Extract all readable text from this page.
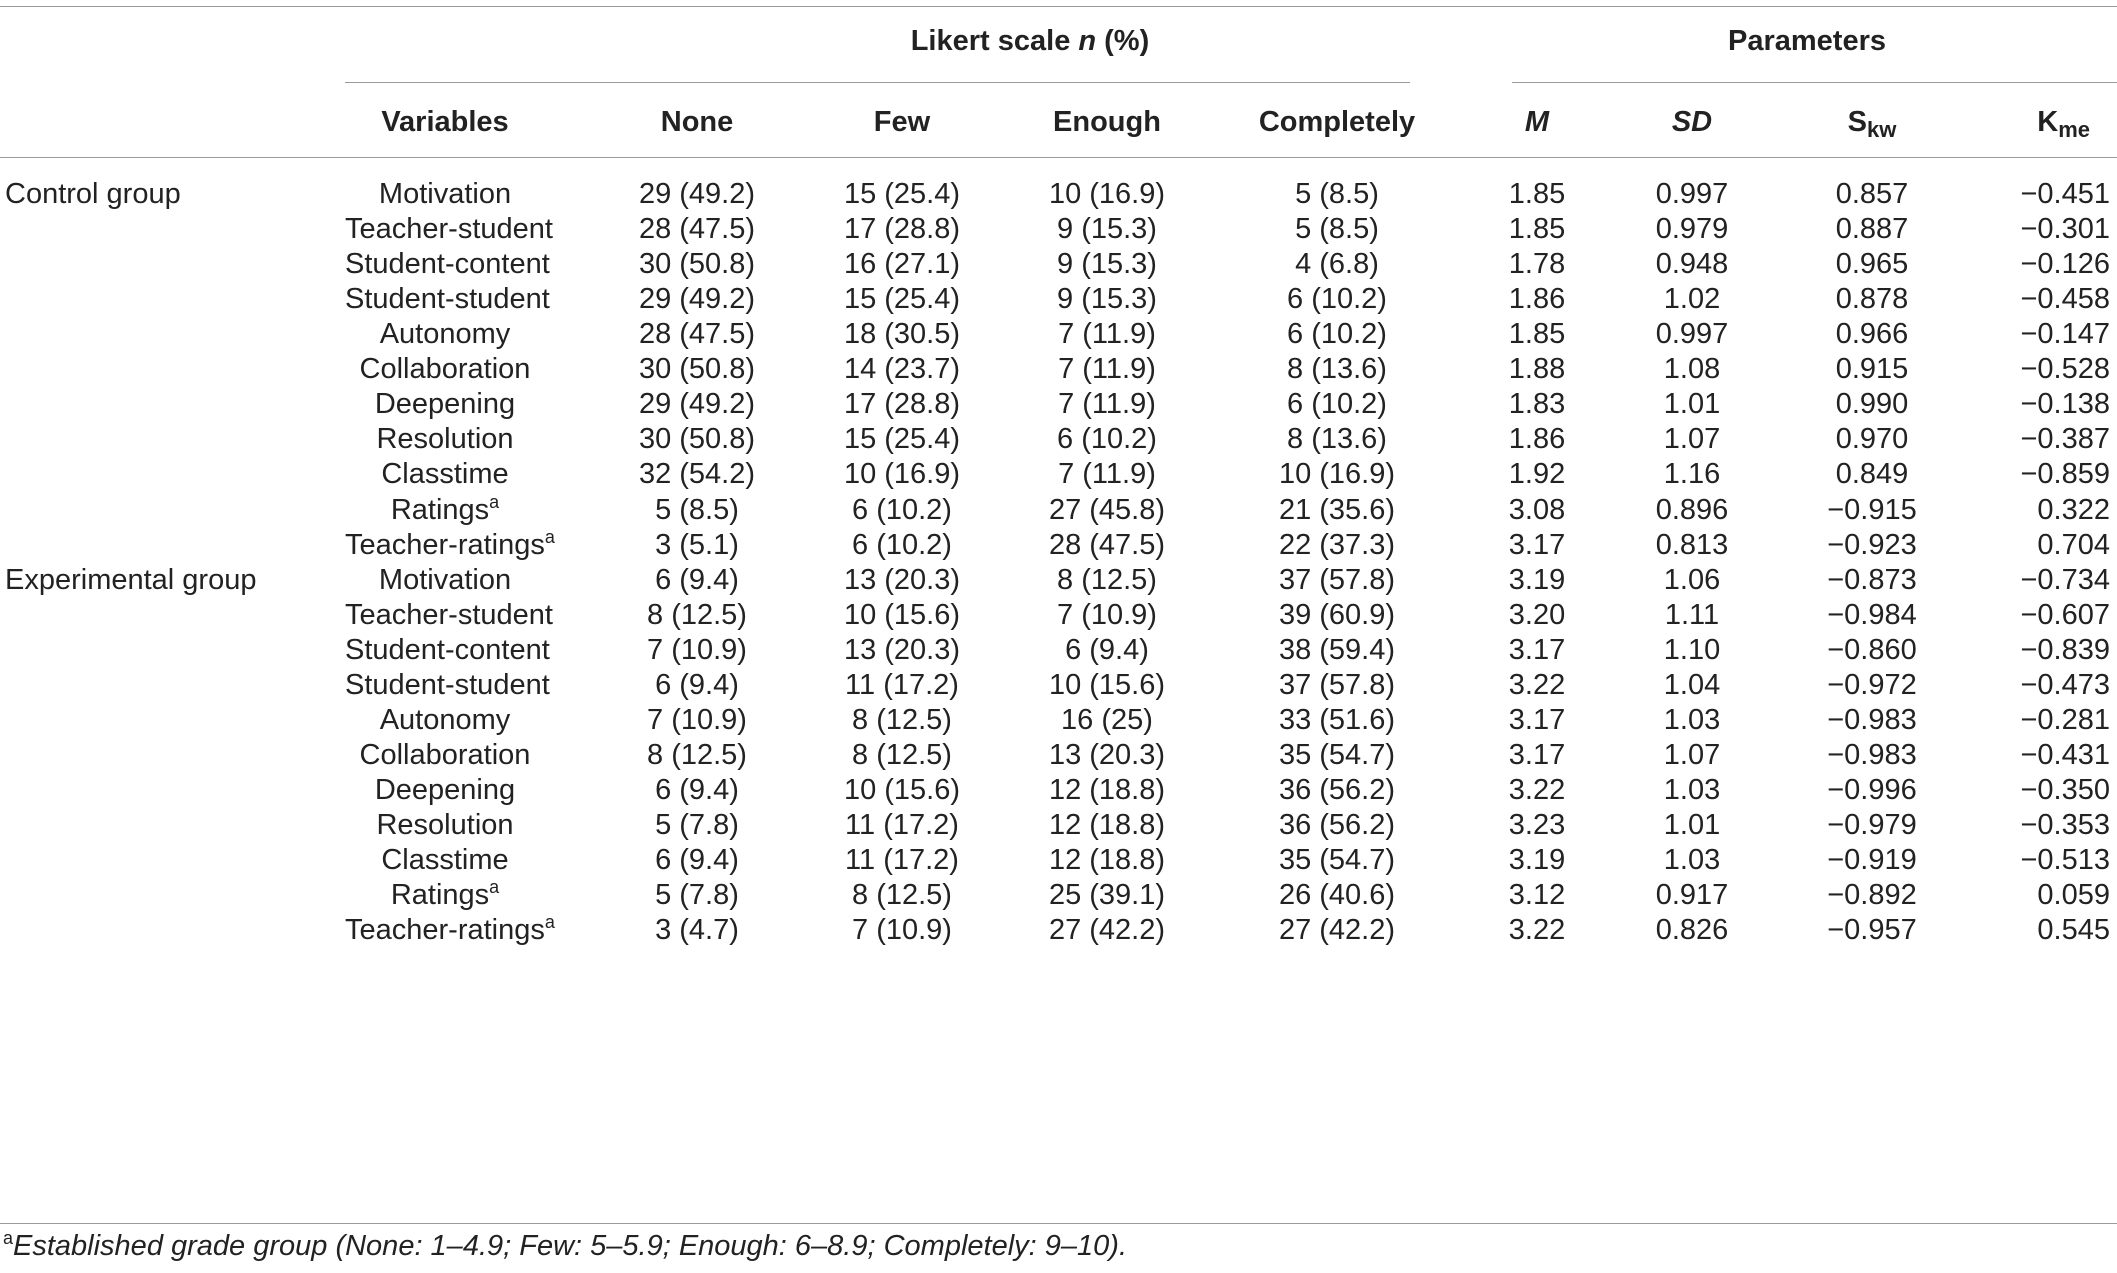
Likert scale n (%)	Parameters
Variables	None	Few	Enough	Completely	M	SD	$S_{kw}$	$K_{me}$
Control group	Motivation	29 (49.2)	15 (25.4)	10 (16.9)	5 (8.5)	1.85	0.997	0.857	−0.451
Teacher-student	28 (47.5)	17 (28.8)	9 (15.3)	5 (8.5)	1.85	0.979	0.887	−0.301
Student-content	30 (50.8)	16 (27.1)	9 (15.3)	4 (6.8)	1.78	0.948	0.965	−0.126
Student-student	29 (49.2)	15 (25.4)	9 (15.3)	6 (10.2)	1.86	1.02	0.878	−0.458
Autonomy	28 (47.5)	18 (30.5)	7 (11.9)	6 (10.2)	1.85	0.997	0.966	−0.147
Collaboration	30 (50.8)	14 (23.7)	7 (11.9)	8 (13.6)	1.88	1.08	0.915	−0.528
Deepening	29 (49.2)	17 (28.8)	7 (11.9)	6 (10.2)	1.83	1.01	0.990	−0.138
Resolution	30 (50.8)	15 (25.4)	6 (10.2)	8 (13.6)	1.86	1.07	0.970	−0.387
Classtime	32 (54.2)	10 (16.9)	7 (11.9)	10 (16.9)	1.92	1.16	0.849	−0.859
Ratings$^a$	5 (8.5)	6 (10.2)	27 (45.8)	21 (35.6)	3.08	0.896	−0.915	0.322
Teacher-ratings$^a$	3 (5.1)	6 (10.2)	28 (47.5)	22 (37.3)	3.17	0.813	−0.923	0.704
Experimental group	Motivation	6 (9.4)	13 (20.3)	8 (12.5)	37 (57.8)	3.19	1.06	−0.873	−0.734
Teacher-student	8 (12.5)	10 (15.6)	7 (10.9)	39 (60.9)	3.20	1.11	−0.984	−0.607
Student-content	7 (10.9)	13 (20.3)	6 (9.4)	38 (59.4)	3.17	1.10	−0.860	−0.839
Student-student	6 (9.4)	11 (17.2)	10 (15.6)	37 (57.8)	3.22	1.04	−0.972	−0.473
Autonomy	7 (10.9)	8 (12.5)	16 (25)	33 (51.6)	3.17	1.03	−0.983	−0.281
Collaboration	8 (12.5)	8 (12.5)	13 (20.3)	35 (54.7)	3.17	1.07	−0.983	−0.431
Deepening	6 (9.4)	10 (15.6)	12 (18.8)	36 (56.2)	3.22	1.03	−0.996	−0.350
Resolution	5 (7.8)	11 (17.2)	12 (18.8)	36 (56.2)	3.23	1.01	−0.979	−0.353
Classtime	6 (9.4)	11 (17.2)	12 (18.8)	35 (54.7)	3.19	1.03	−0.919	−0.513
Ratings$^a$	5 (7.8)	8 (12.5)	25 (39.1)	26 (40.6)	3.12	0.917	−0.892	0.059
Teacher-ratings$^a$	3 (4.7)	7 (10.9)	27 (42.2)	27 (42.2)	3.22	0.826	−0.957	0.545
$^a$Established grade group (None: 1–4.9; Few: 5–5.9; Enough: 6–8.9; Completely: 9–10).
